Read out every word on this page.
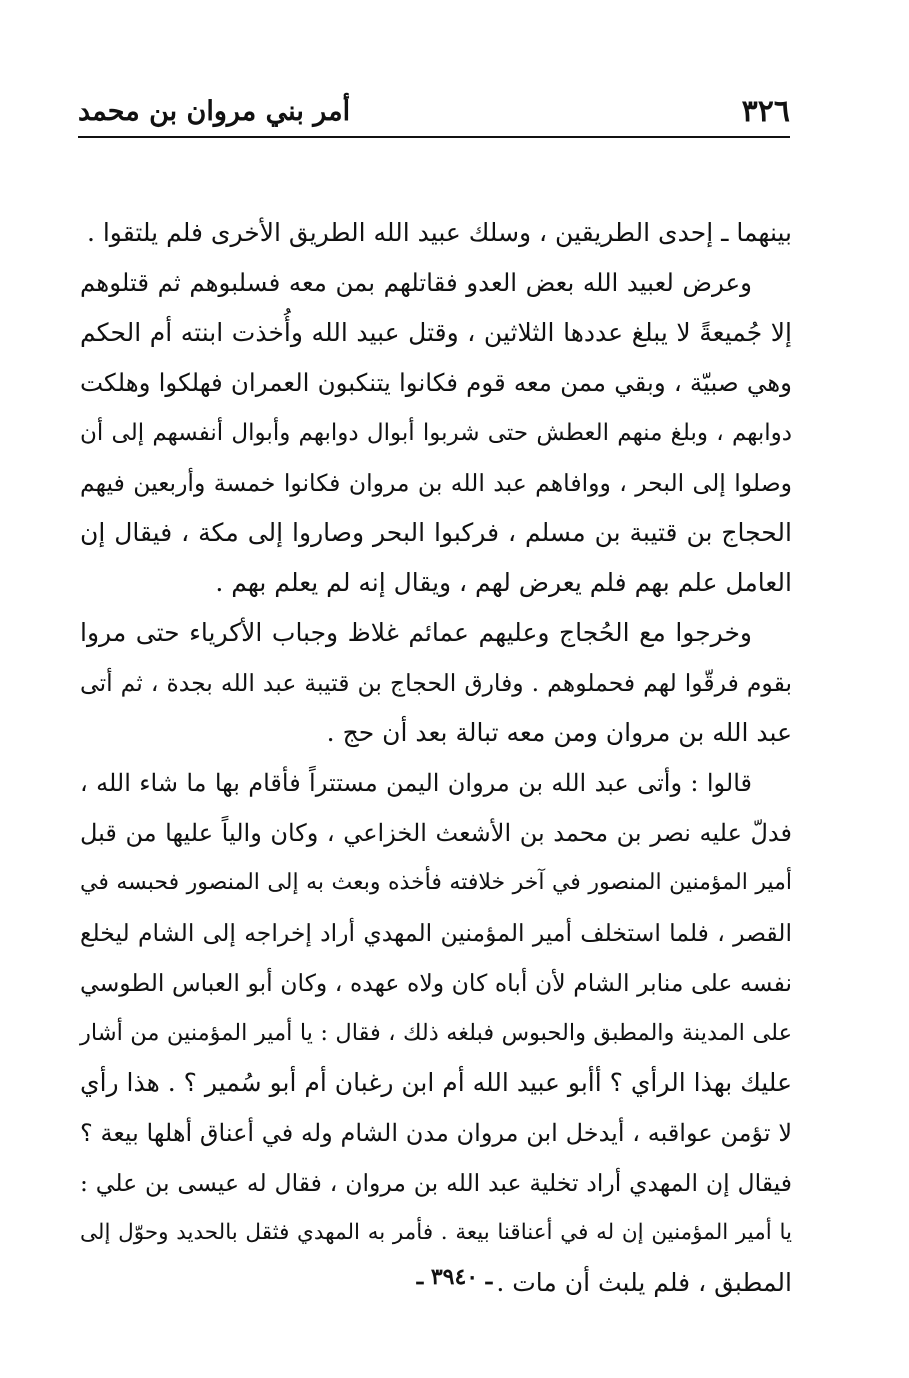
٣٢٦
أمر بني مروان بن محمد
بينهما ـ إحدى الطريقين ، وسلك عبيد الله الطريق الأخرى فلم يلتقوا .
وعرض لعبيد الله بعض العدو فقاتلهم بمن معه فسلبوهم ثم قتلوهم
إلا جُميعةً لا يبلغ عددها الثلاثين ، وقتل عبيد الله وأُخذت ابنته أم الحكم
وهي صبيّة ، وبقي ممن معه قوم فكانوا يتنكبون العمران فهلكوا وهلكت
دوابهم ، وبلغ منهم العطش حتى شربوا أبوال دوابهم وأبوال أنفسهم إلى أن
وصلوا إلى البحر ، ووافاهم عبد الله بن مروان فكانوا خمسة وأربعين فيهم
الحجاج بن قتيبة بن مسلم ، فركبوا البحر وصاروا إلى مكة ، فيقال إن
العامل علم بهم فلم يعرض لهم ، ويقال إنه لم يعلم بهم .
وخرجوا مع الحُجاج وعليهم عمائم غلاظ وجباب الأكرياء حتى مروا
بقوم فرقّوا لهم فحملوهم . وفارق الحجاج بن قتيبة عبد الله بجدة ، ثم أتى
عبد الله بن مروان ومن معه تبالة بعد أن حج .
قالوا : وأتى عبد الله بن مروان اليمن مستتراً فأقام بها ما شاء الله ،
فدلّ عليه نصر بن محمد بن الأشعث الخزاعي ، وكان والياً عليها من قبل
أمير المؤمنين المنصور في آخر خلافته فأخذه وبعث به إلى المنصور فحبسه في
القصر ، فلما استخلف أمير المؤمنين المهدي أراد إخراجه إلى الشام ليخلع
نفسه على منابر الشام لأن أباه كان ولاه عهده ، وكان أبو العباس الطوسي
على المدينة والمطبق والحبوس فبلغه ذلك ، فقال : يا أمير المؤمنين من أشار
عليك بهذا الرأي ؟ أأبو عبيد الله أم ابن رغبان أم أبو سُمير ؟ . هذا رأي
لا تؤمن عواقبه ، أيدخل ابن مروان مدن الشام وله في أعناق أهلها بيعة ؟
فيقال إن المهدي أراد تخلية عبد الله بن مروان ، فقال له عيسى بن علي :
يا أمير المؤمنين إن له في أعناقنا بيعة . فأمر به المهدي فثقل بالحديد وحوّل إلى
المطبق ، فلم يلبث أن مات .
ـ ٣٩٤٠ ـ
